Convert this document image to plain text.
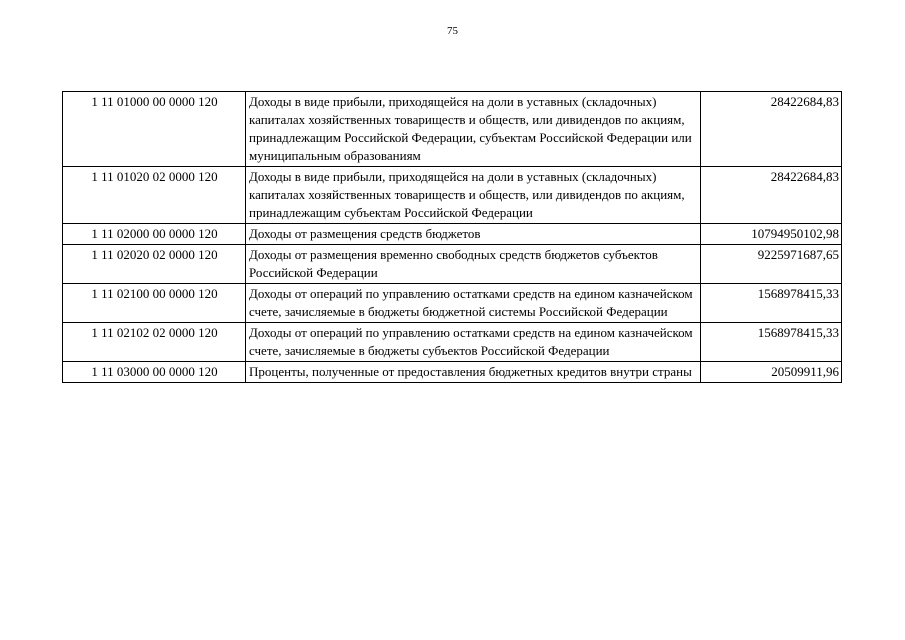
75
1 11 01000 00 0000 120	Доходы в виде прибыли, приходящейся на доли в уставных (складочных) капиталах хозяйственных товариществ и обществ, или дивидендов по акциям, принадлежащим Российской Федерации, субъектам Российской Федерации или муниципальным образованиям	28422684,83
1 11 01020 02 0000 120	Доходы в виде прибыли, приходящейся на доли в уставных (складочных) капиталах хозяйственных товариществ и обществ, или дивидендов по акциям, принадлежащим субъектам Российской Федерации	28422684,83
1 11 02000 00 0000 120	Доходы от размещения средств бюджетов	10794950102,98
1 11 02020 02 0000 120	Доходы от размещения временно свободных средств бюджетов субъектов Российской Федерации	9225971687,65
1 11 02100 00 0000 120	Доходы от операций по управлению остатками средств на едином казначейском счете, зачисляемые в бюджеты бюджетной системы Российской Федерации	1568978415,33
1 11 02102 02 0000 120	Доходы от операций по управлению остатками средств на едином казначейском счете, зачисляемые в бюджеты субъектов Российской Федерации	1568978415,33
1 11 03000 00 0000 120	Проценты, полученные от предоставления бюджетных кредитов внутри страны	20509911,96
